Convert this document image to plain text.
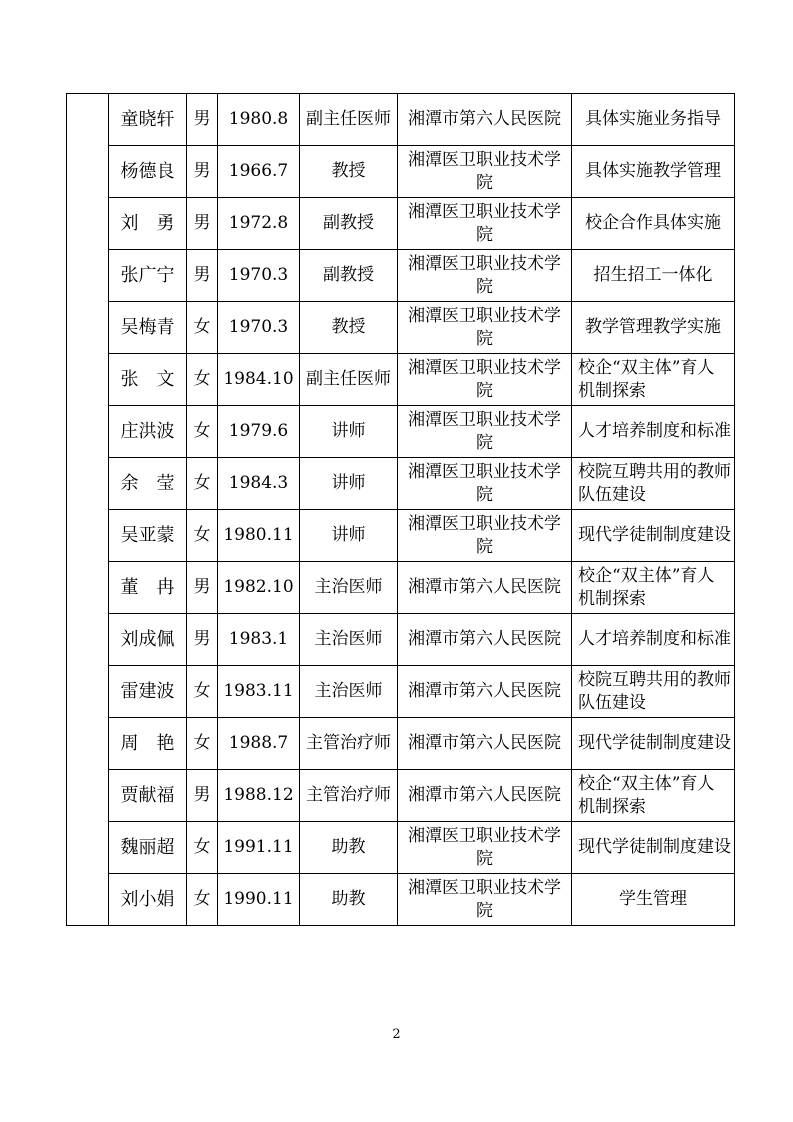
	童晓轩	男	1980.8	副主任医师	湘潭市第六人民医院	具体实施业务指导
	杨德良	男	1966.7	教授	湘潭医卫职业技术学院	具体实施教学管理
	刘　勇	男	1972.8	副教授	湘潭医卫职业技术学院	校企合作具体实施
	张广宁	男	1970.3	副教授	湘潭医卫职业技术学院	招生招工一体化
	吴梅青	女	1970.3	教授	湘潭医卫职业技术学院	教学管理教学实施
	张　文	女	1984.10	副主任医师	湘潭医卫职业技术学院	校企“双主体”育人机制探索
	庄洪波	女	1979.6	讲师	湘潭医卫职业技术学院	人才培养制度和标准
	余　莹	女	1984.3	讲师	湘潭医卫职业技术学院	校院互聘共用的教师队伍建设
	吴亚蒙	女	1980.11	讲师	湘潭医卫职业技术学院	现代学徒制制度建设
	董　冉	男	1982.10	主治医师	湘潭市第六人民医院	校企“双主体”育人机制探索
	刘成佩	男	1983.1	主治医师	湘潭市第六人民医院	人才培养制度和标准
	雷建波	女	1983.11	主治医师	湘潭市第六人民医院	校院互聘共用的教师队伍建设
	周　艳	女	1988.7	主管治疗师	湘潭市第六人民医院	现代学徒制制度建设
	贾献福	男	1988.12	主管治疗师	湘潭市第六人民医院	校企“双主体”育人机制探索
	魏丽超	女	1991.11	助教	湘潭医卫职业技术学院	现代学徒制制度建设
	刘小娟	女	1990.11	助教	湘潭医卫职业技术学院	学生管理
2
